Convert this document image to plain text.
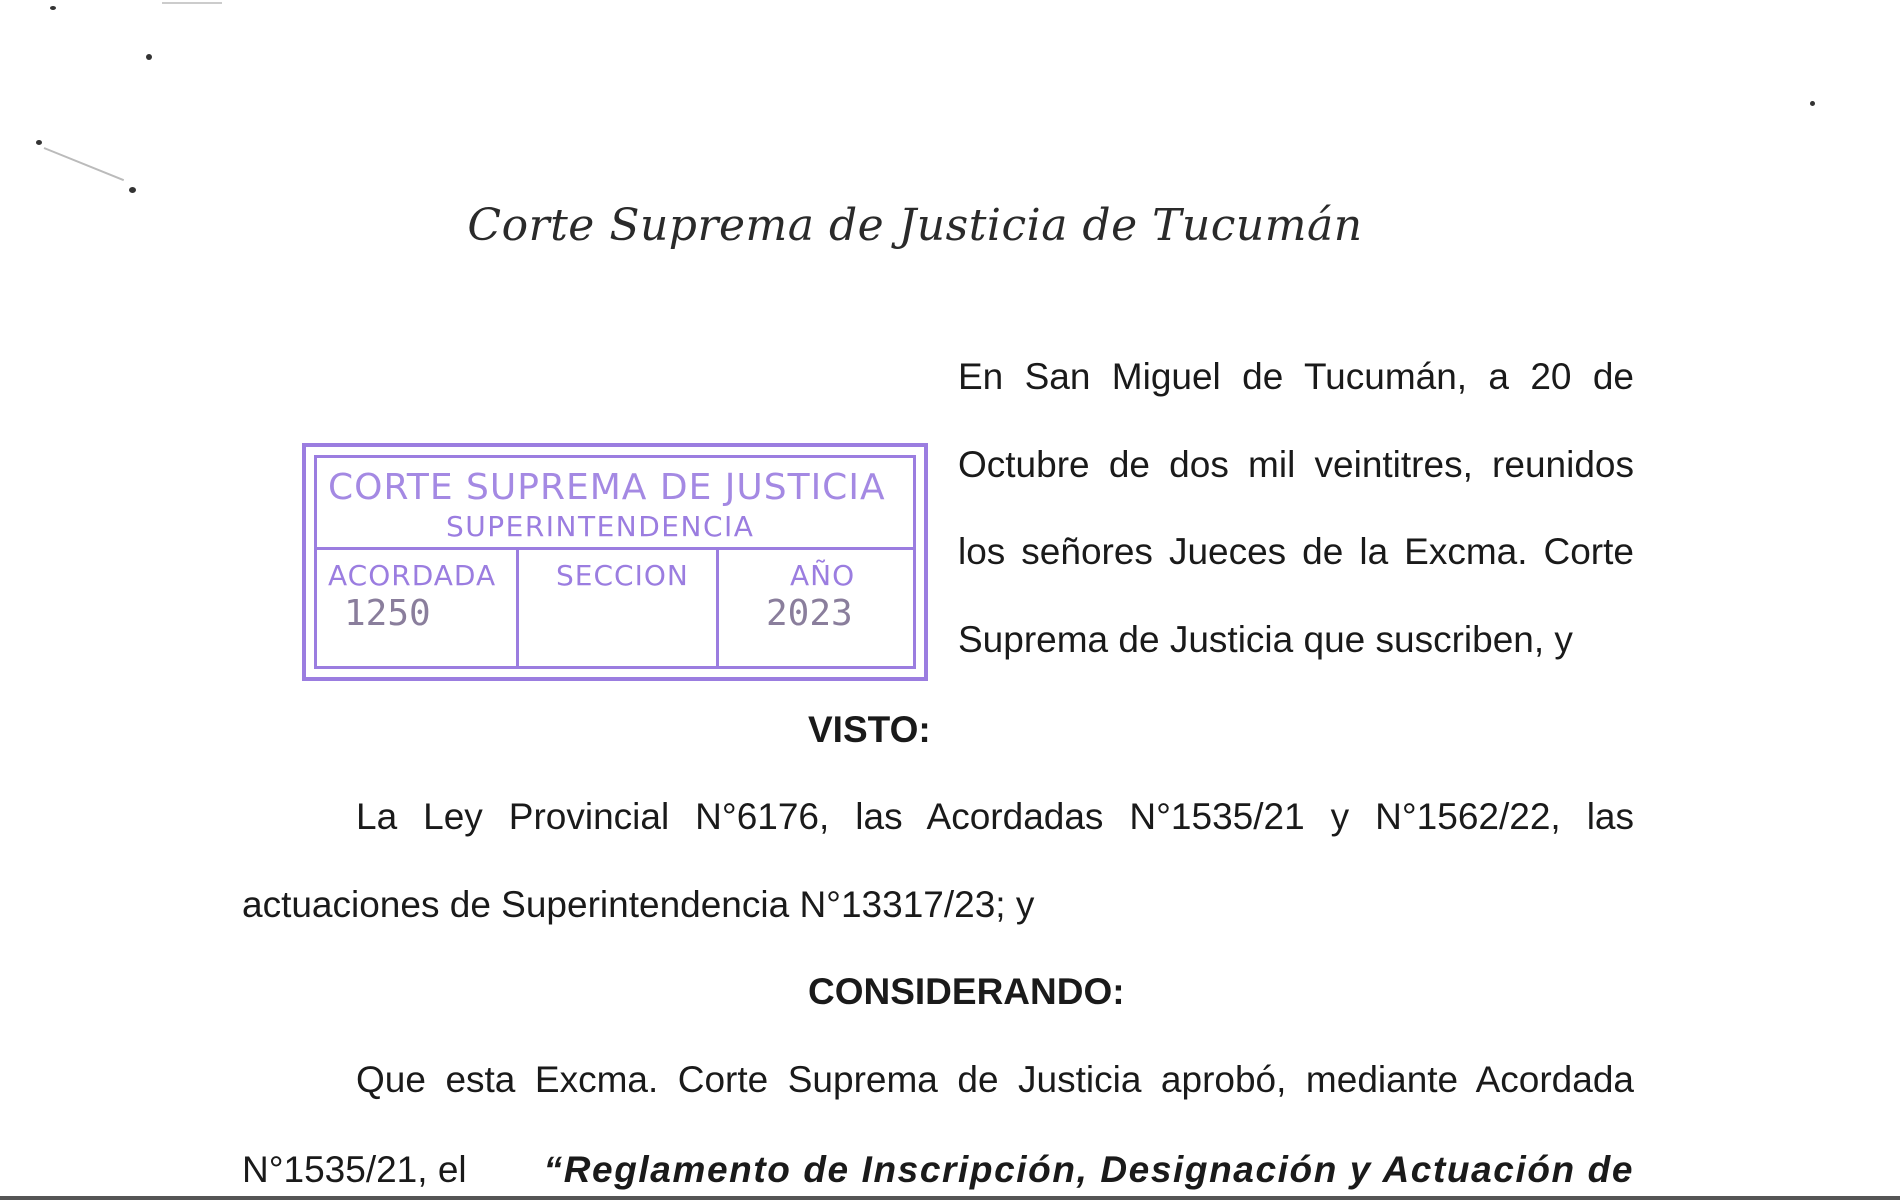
Corte Suprema de Justicia de Tucumán
CORTE SUPREMA DE JUSTICIA
SUPERINTENDENCIA
ACORDADA SECCION	AÑO
1250	2023
En San Miguel de Tucumán, a 20 de
Octubre de dos mil veintitres, reunidos
los señores Jueces de la Excma. Corte
Suprema de Justicia que suscriben, y
VISTO:
La Ley Provincial N°6176, las Acordadas N°1535/21 y N°1562/22, las
actuaciones de Superintendencia N°13317/23; y
CONSIDERANDO:
Que esta Excma. Corte Suprema de Justicia aprobó, mediante Acordada
N°1535/21, el “Reglamento de Inscripción, Designación y Actuación de
